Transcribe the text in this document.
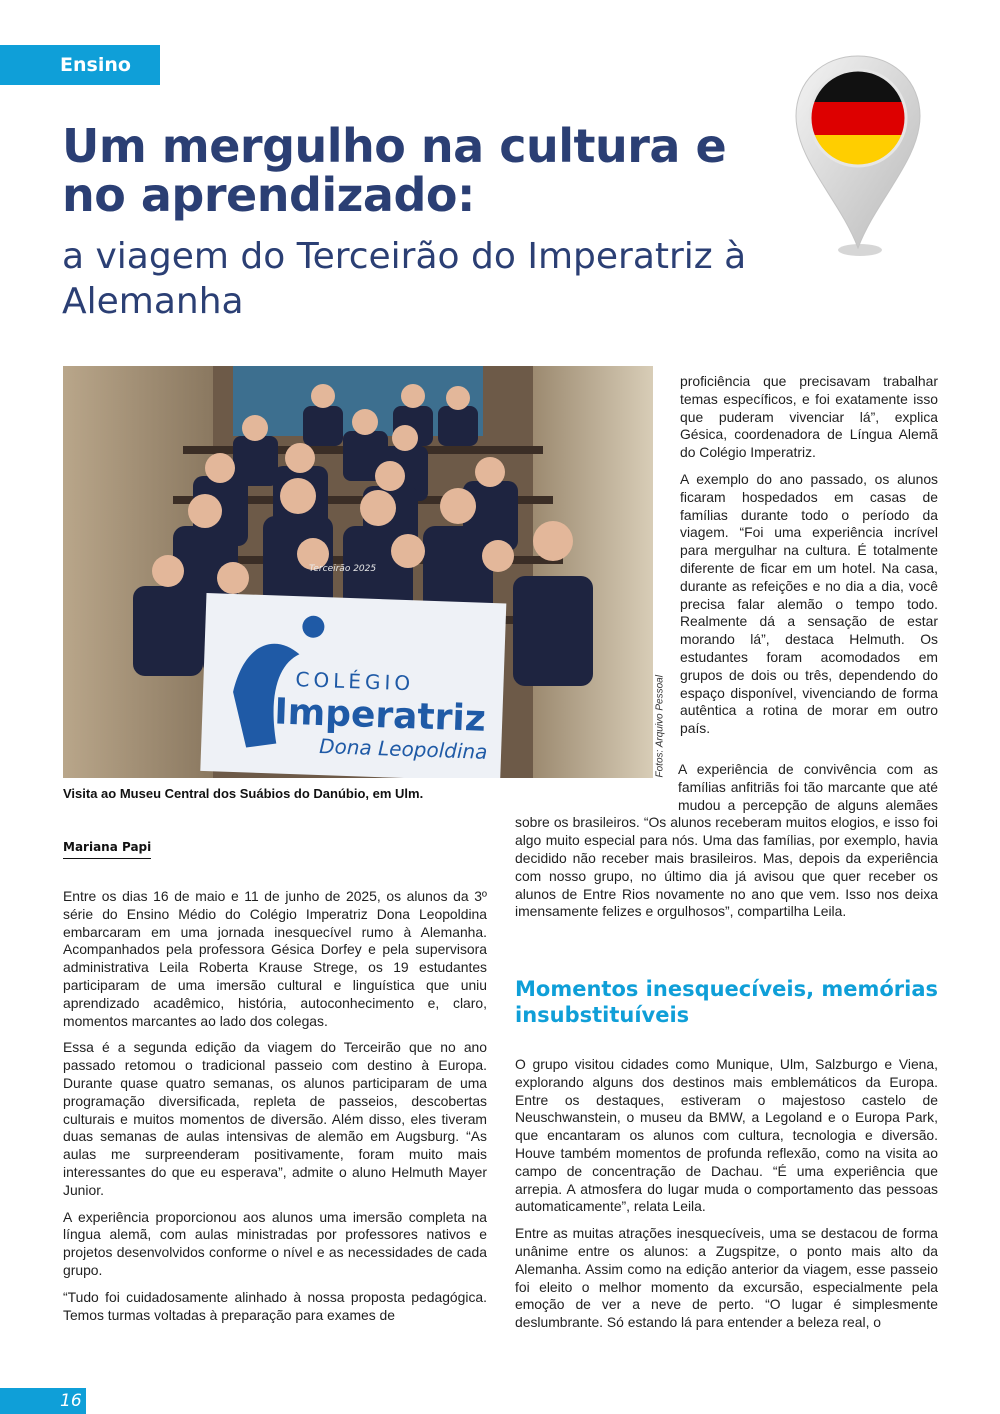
Ensino
Um mergulho na cultura e no aprendizado:
a viagem do Terceirão do Imperatriz à Alemanha
COLÉGIO
Imperatriz
Dona Leopoldina
Terceirão 2025
Fotos: Arquivo Pessoal
Visita ao Museu Central dos Suábios do Danúbio, em Ulm.
Mariana Papi

Entre os dias 16 de maio e 11 de junho de 2025, os alunos da 3º série do Ensino Médio do Colégio Imperatriz Dona Leopoldina embarcaram em uma jornada inesquecível rumo à Alemanha. Acompanhados pela professora Gésica Dorfey e pela supervisora administrativa Leila Roberta Krause Strege, os 19 estudantes participaram de uma imersão cultural e linguística que uniu aprendizado acadêmico, história, autoconhecimento e, claro, momentos marcantes ao lado dos colegas.

Essa é a segunda edição da viagem do Terceirão que no ano passado retomou o tradicional passeio com destino à Europa. Durante quase quatro semanas, os alunos participaram de uma programação diversificada, repleta de passeios, descobertas culturais e muitos momentos de diversão. Além disso, eles tiveram duas semanas de aulas intensivas de alemão em Augsburg. “As aulas me surpreenderam positivamente, foram muito mais interessantes do que eu esperava”, admite o aluno Helmuth Mayer Junior.

A experiência proporcionou aos alunos uma imersão completa na língua alemã, com aulas ministradas por professores nativos e projetos desenvolvidos conforme o nível e as necessidades de cada grupo.

“Tudo foi cuidadosamente alinhado à nossa proposta pedagógica. Temos turmas voltadas à preparação para exames de

proficiência que precisavam trabalhar temas específicos, e foi exatamente isso que puderam vivenciar lá”, explica Gésica, coordenadora de Língua Alemã do Colégio Imperatriz.

A exemplo do ano passado, os alunos ficaram hospedados em casas de famílias durante todo o período da viagem. “Foi uma experiência incrível para mergulhar na cultura. É totalmente diferente de ficar em um hotel. Na casa, durante as refeições e no dia a dia, você precisa falar alemão o tempo todo. Realmente dá a sensação de estar morando lá”, destaca Helmuth. Os estudantes foram acomodados em grupos de dois ou três, dependendo do espaço disponível, vivenciando de forma autêntica a rotina de morar em outro país.

A experiência de convivência com as famílias anfitriãs foi tão marcante que até mudou a percepção de alguns alemães sobre os brasileiros. “Os alunos receberam muitos elogios, e isso foi algo muito especial para nós. Uma das famílias, por exemplo, havia decidido não receber mais brasileiros. Mas, depois da experiência com nosso grupo, no último dia já avisou que quer receber os alunos de Entre Rios novamente no ano que vem. Isso nos deixa imensamente felizes e orgulhosos”, compartilha Leila.

Momentos inesquecíveis, memórias insubstituíveis

O grupo visitou cidades como Munique, Ulm, Salzburgo e Viena, explorando alguns dos destinos mais emblemáticos da Europa. Entre os destaques, estiveram o majestoso castelo de Neuschwanstein, o museu da BMW, a Legoland e o Europa Park, que encantaram os alunos com cultura, tecnologia e diversão. Houve também momentos de profunda reflexão, como na visita ao campo de concentração de Dachau. “É uma experiência que arrepia. A atmosfera do lugar muda o comportamento das pessoas automaticamente”, relata Leila.

Entre as muitas atrações inesquecíveis, uma se destacou de forma unânime entre os alunos: a Zugspitze, o ponto mais alto da Alemanha. Assim como na edição anterior da viagem, esse passeio foi eleito o melhor momento da excursão, especialmente pela emoção de ver a neve de perto. “O lugar é simplesmente deslumbrante. Só estando lá para entender a beleza real, o

16
